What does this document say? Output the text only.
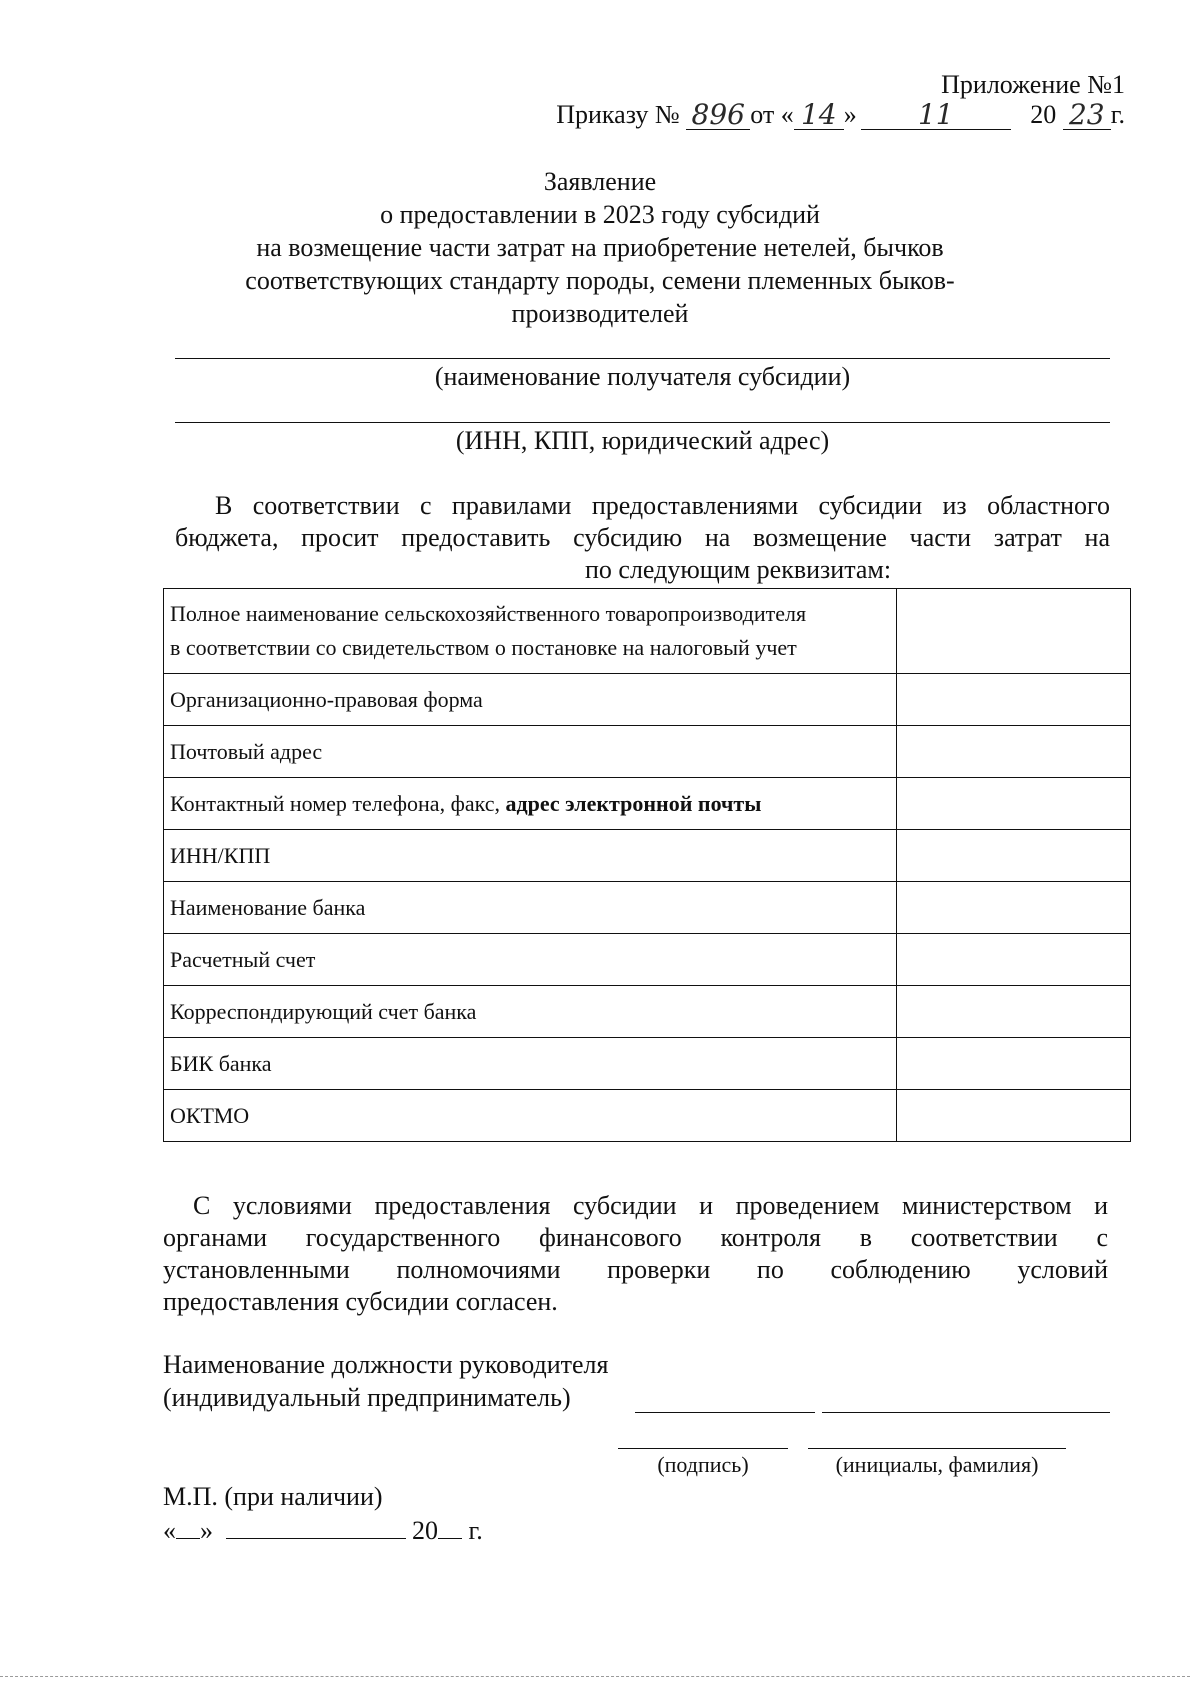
Приложение №1
Приказу №
896 от « 14 »	11
	20
23 г.
Заявление
о предоставлении в 2023 году субсидий
на возмещение части затрат на приобретение нетелей, бычков
соответствующих стандарту породы, семени племенных быков-
производителей
(наименование получателя субсидии)
(ИНН, КПП, юридический адрес)
В соответствии с правилами предоставлениями субсидии из областного
бюджета, просит предоставить субсидию на возмещение части затрат на
по следующим реквизитам:
Полное наименование сельскохозяйственного товаропроизводителя
в соответствии со свидетельством о постановке на налоговый учет	

Организационно-правовая форма	
Почтовый адрес	
Контактный номер телефона, факс, адрес электронной почты	
ИНН/КПП	
Наименование банка	
Расчетный счет	
Корреспондирующий счет банка	
БИК банка	
ОКТМО	
С условиями предоставления субсидии и проведением министерством и
органами государственного финансового контроля в соответствии с
установленными полномочиями проверки по соблюдению условий
предоставления субсидии согласен.
Наименование должности руководителя
(индивидуальный предприниматель)
(подпись)	(инициалы, фамилия)
М.П. (при наличии)
« »	20 г.
